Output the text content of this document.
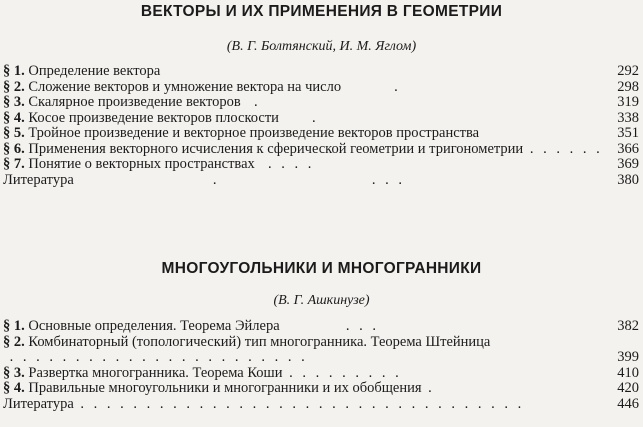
ВЕКТОРЫ И ИХ ПРИМЕНЕНИЯ В ГЕОМЕТРИИ

(В. Г. Болтянский, И. М. Яглом)

§ 1. Определение вектора	292
§ 2. Сложение векторов и умножение вектора на число        .	298
§ 3. Скалярное произведение векторов  .	319
§ 4. Косое произведение векторов плоскости     .	338
§ 5. Тройное произведение и векторное произведение векторов пространства	351
§ 6. Применения векторного исчисления к сферической геометрии и тригонометрии . . . . . .	366
§ 7. Понятие о векторных пространствах  . . . .	369
Литература                     .                       . . .	380
МНОГОУГОЛЬНИКИ И МНОГОГРАННИКИ

(В. Г. Ашкинузе)

§ 1. Основные определения. Теорема Эйлера          . . .	382
§ 2. Комбинаторный (топологический) тип многогранника. Теорема Штейница . . . . . . . . . . . . . . . . . . . . . . .	399
§ 3. Развертка многогранника. Теорема Коши . . . . . . . . .	410
§ 4. Правильные многоугольники и многогранники и их обобщения .	420
Литература . . . . . . . . . . . . . . . . . . . . . . . . . . . . . . . . . .	446
